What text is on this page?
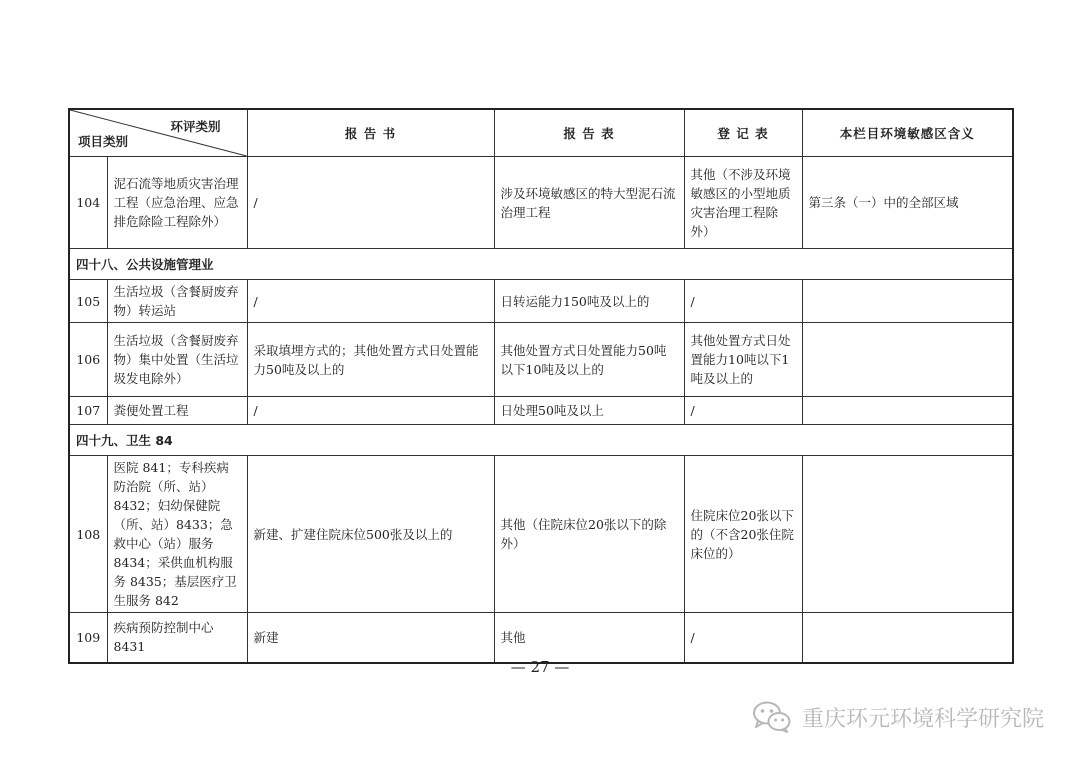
环评类别
项目类别		报 告 书	报 告 表	登 记 表	本栏目环境敏感区含义
104	泥石流等地质灾害治理工程（应急治理、应急排危除险工程除外）	/	涉及环境敏感区的特大型泥石流治理工程	其他（不涉及环境敏感区的小型地质灾害治理工程除外）	第三条（一）中的全部区域
四十八、公共设施管理业					
105	生活垃圾（含餐厨废弃物）转运站	/	日转运能力150吨及以上的	/	
106	生活垃圾（含餐厨废弃物）集中处置（生活垃圾发电除外）	采取填埋方式的；其他处置方式日处置能力50吨及以上的	其他处置方式日处置能力50吨以下10吨及以上的	其他处置方式日处置能力10吨以下1吨及以上的	
107	粪便处置工程	/	日处理50吨及以上	/	
四十九、卫生 84					
108	医院 841；专科疾病防治院（所、站）8432；妇幼保健院（所、站）8433；急救中心（站）服务 8434；采供血机构服务 8435；基层医疗卫生服务 842	新建、扩建住院床位500张及以上的	其他（住院床位20张以下的除外）	住院床位20张以下的（不含20张住院床位的）	
109	疾病预防控制中心 8431	新建	其他	/	
— 27 —
重庆环元环境科学研究院
